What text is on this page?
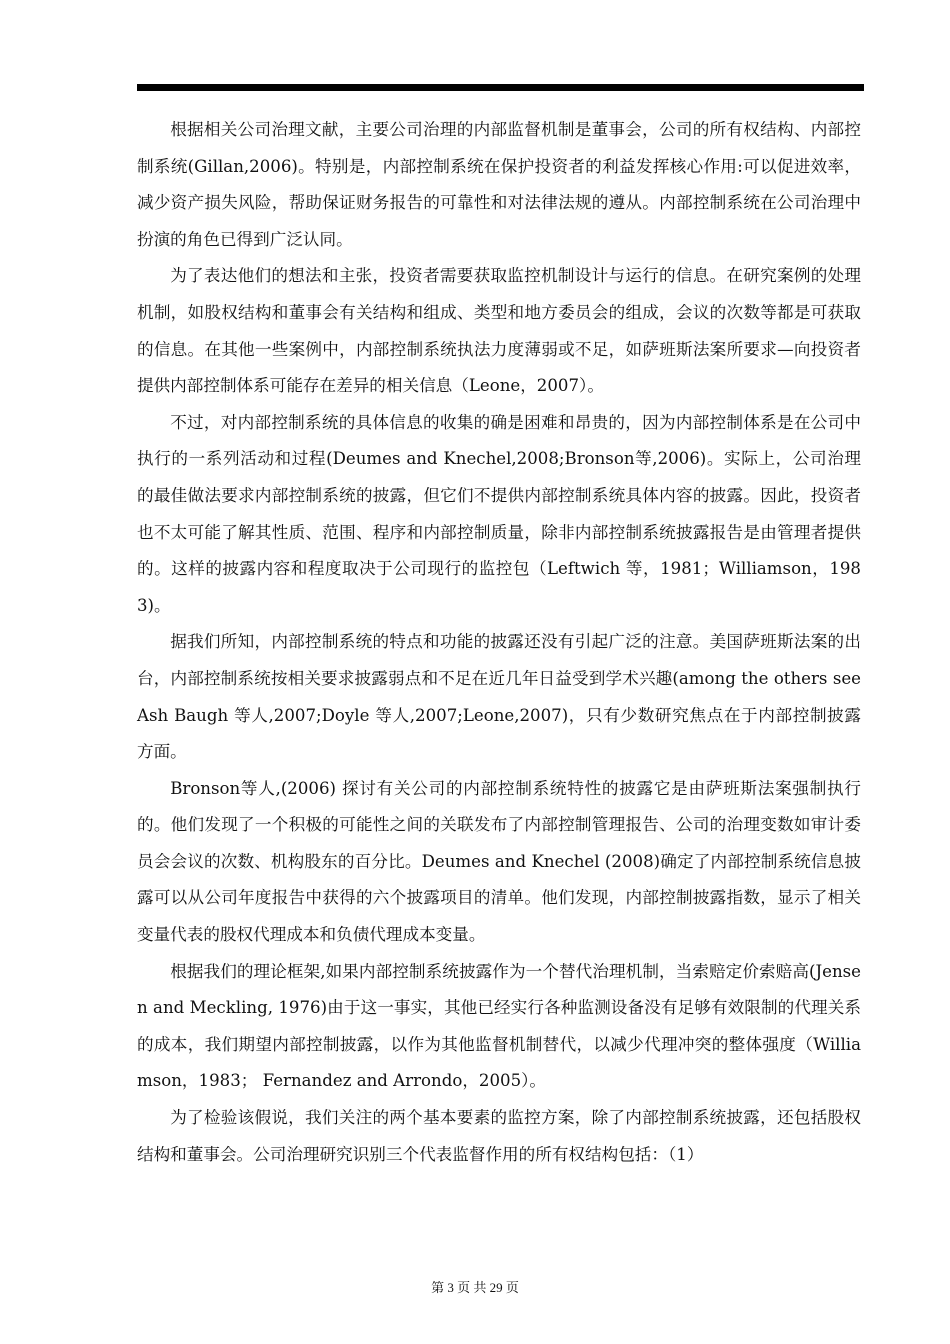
根据相关公司治理文献，主要公司治理的内部监督机制是董事会，公司的所有权结构、内部控制系统(Gillan,2006)。特别是，内部控制系统在保护投资者的利益发挥核心作用:可以促进效率，减少资产损失风险，帮助保证财务报告的可靠性和对法律法规的遵从。内部控制系统在公司治理中扮演的角色已得到广泛认同。

为了表达他们的想法和主张，投资者需要获取监控机制设计与运行的信息。在研究案例的处理机制，如股权结构和董事会有关结构和组成、类型和地方委员会的组成，会议的次数等都是可获取的信息。在其他一些案例中，内部控制系统执法力度薄弱或不足，如萨班斯法案所要求—向投资者提供内部控制体系可能存在差异的相关信息（Leone，2007）。

不过，对内部控制系统的具体信息的收集的确是困难和昂贵的，因为内部控制体系是在公司中执行的一系列活动和过程(Deumes and Knechel,2008;Bronson等,2006)。实际上，公司治理的最佳做法要求内部控制系统的披露，但它们不提供内部控制系统具体内容的披露。因此，投资者也不太可能了解其性质、范围、程序和内部控制质量，除非内部控制系统披露报告是由管理者提供的。这样的披露内容和程度取决于公司现行的监控包（Leftwich 等，1981；Williamson，1983)。

据我们所知，内部控制系统的特点和功能的披露还没有引起广泛的注意。美国萨班斯法案的出台，内部控制系统按相关要求披露弱点和不足在近几年日益受到学术兴趣(among the others see Ash Baugh 等人,2007;Doyle 等人,2007;Leone,2007)，只有少数研究焦点在于内部控制披露方面。

Bronson等人,(2006) 探讨有关公司的内部控制系统特性的披露它是由萨班斯法案强制执行的。他们发现了一个积极的可能性之间的关联发布了内部控制管理报告、公司的治理变数如审计委员会会议的次数、机构股东的百分比。Deumes and Knechel (2008)确定了内部控制系统信息披露可以从公司年度报告中获得的六个披露项目的清单。他们发现，内部控制披露指数，显示了相关变量代表的股权代理成本和负债代理成本变量。

根据我们的理论框架,如果内部控制系统披露作为一个替代治理机制，当索赔定价索赔高(Jensen and Meckling, 1976)由于这一事实，其他已经实行各种监测设备没有足够有效限制的代理关系的成本，我们期望内部控制披露，以作为其他监督机制替代，以减少代理冲突的整体强度（Williamson，1983； Fernandez and Arrondo，2005）。

为了检验该假说，我们关注的两个基本要素的监控方案，除了内部控制系统披露，还包括股权结构和董事会。公司治理研究识别三个代表监督作用的所有权结构包括：（1）

第 3 页 共 29 页
